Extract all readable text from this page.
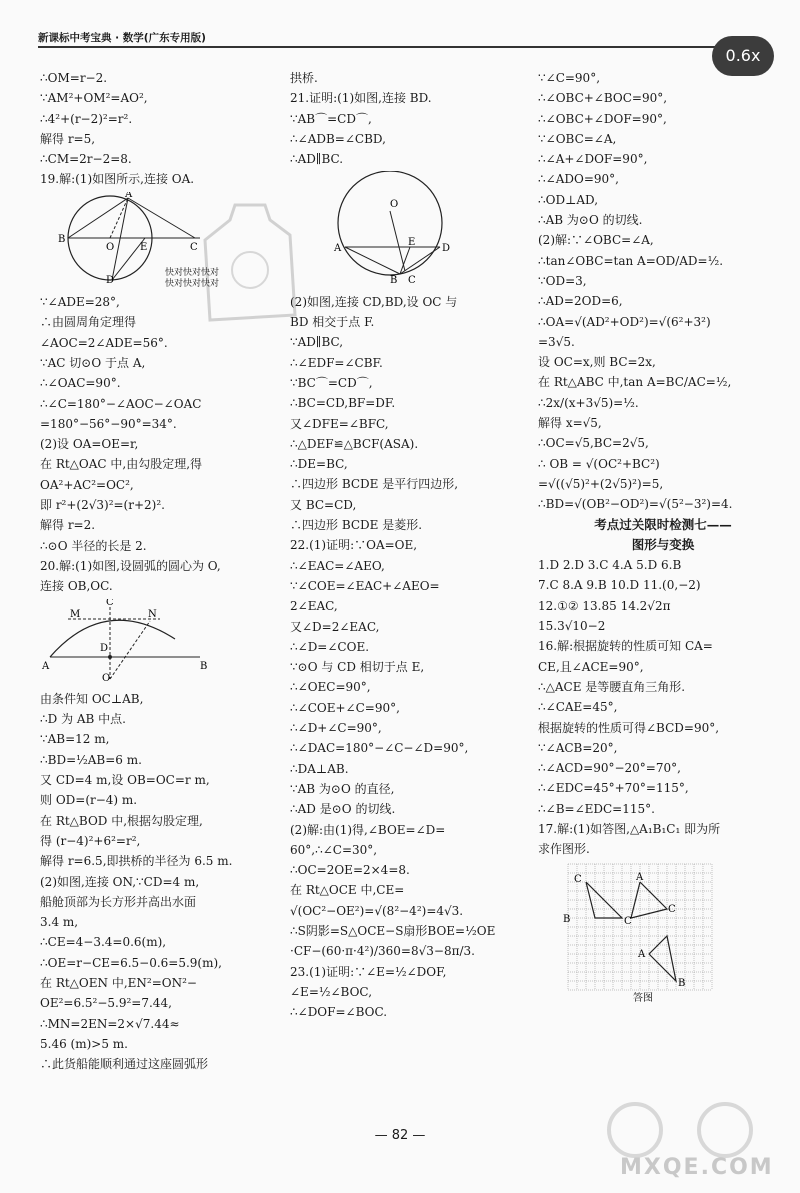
新课标中考宝典 · 数学(广东专用版)
0.6x
∴OM=r−2.
∵AM²+OM²=AO²,
∴4²+(r−2)²=r².
解得 r=5,
∴CM=2r−2=8.
19.解:(1)如图所示,连接 OA.
B
A
O	E	C
D
∵∠ADE=28°,
∴由圆周角定理得
∠AOC=2∠ADE=56°.
∵AC 切⊙O 于点 A,
∴∠OAC=90°.
∴∠C=180°−∠AOC−∠OAC
=180°−56°−90°=34°.
(2)设 OA=OE=r,
在 Rt△OAC 中,由勾股定理,得
OA²+AC²=OC²,
即 r²+(2√3)²=(r+2)².
解得 r=2.
∴⊙O 半径的长是 2.
20.解:(1)如图,设圆弧的圆心为 O,
连接 OB,OC.
A	B
M
C
N
D
O
由条件知 OC⊥AB,
∴D 为 AB 中点.
∵AB=12 m,
∴BD=½AB=6 m.
又 CD=4 m,设 OB=OC=r m,
则 OD=(r−4) m.
在 Rt△BOD 中,根据勾股定理,
得 (r−4)²+6²=r²,
解得 r=6.5,即拱桥的半径为 6.5 m.
(2)如图,连接 ON,∵CD=4 m,
船舱顶部为长方形并高出水面
3.4 m,
∴CE=4−3.4=0.6(m),
∴OE=r−CE=6.5−0.6=5.9(m),
在 Rt△OEN 中,EN²=ON²−
OE²=6.5²−5.9²=7.44,
∴MN=2EN=2×√7.44≈
5.46 (m)>5 m.
∴此货船能顺利通过这座圆弧形
拱桥.
21.证明:(1)如图,连接 BD.
∵AB⌒=CD⌒,
∴∠ADB=∠CBD,
∴AD∥BC.
O
A
E
D
B C
(2)如图,连接 CD,BD,设 OC 与
BD 相交于点 F.
∵AD∥BC,
∴∠EDF=∠CBF.
∵BC⌒=CD⌒,
∴BC=CD,BF=DF.
又∠DFE=∠BFC,
∴△DEF≌△BCF(ASA).
∴DE=BC,
∴四边形 BCDE 是平行四边形,
又 BC=CD,
∴四边形 BCDE 是菱形.
22.(1)证明:∵OA=OE,
∴∠EAC=∠AEO,
∵∠COE=∠EAC+∠AEO=
2∠EAC,
又∠D=2∠EAC,
∴∠D=∠COE.
∵⊙O 与 CD 相切于点 E,
∴∠OEC=90°,
∴∠COE+∠C=90°,
∴∠D+∠C=90°,
∴∠DAC=180°−∠C−∠D=90°,
∴DA⊥AB.
∵AB 为⊙O 的直径,
∴AD 是⊙O 的切线.
(2)解:由(1)得,∠BOE=∠D=
60°,∴∠C=30°,
∴OC=2OE=2×4=8.
在 Rt△OCE 中,CE=
√(OC²−OE²)=√(8²−4²)=4√3.
∴S阴影=S△OCE−S扇形BOE=½OE
·CF−(60·π·4²)/360=8√3−8π/3.
23.(1)证明:∵∠E=½∠DOF,
∠E=½∠BOC,
∴∠DOF=∠BOC.
∵∠C=90°,
∴∠OBC+∠BOC=90°,
∴∠OBC+∠DOF=90°,
∵∠OBC=∠A,
∴∠A+∠DOF=90°,
∴∠ADO=90°,
∴OD⊥AD,
∴AB 为⊙O 的切线.
(2)解:∵∠OBC=∠A,
∴tan∠OBC=tan A=OD/AD=½.
∵OD=3,
∴AD=2OD=6,
∴OA=√(AD²+OD²)=√(6²+3²)
=3√5.
设 OC=x,则 BC=2x,
在 Rt△ABC 中,tan A=BC/AC=½,
∴2x/(x+3√5)=½.
解得 x=√5,
∴OC=√5,BC=2√5,
∴ OB = √(OC²+BC²)
=√((√5)²+(2√5)²)=5,
∴BD=√(OB²−OD²)=√(5²−3²)=4.
考点过关限时检测七——
图形与变换
1.D 2.D 3.C 4.A 5.D 6.B
7.C 8.A 9.B 10.D 11.(0,−2)
12.①② 13.85 14.2√2π
15.3√10−2
16.解:根据旋转的性质可知 CA=
CE,且∠ACE=90°,
∴△ACE 是等腰直角三角形.
∴∠CAE=45°,
根据旋转的性质可得∠BCD=90°,
∵∠ACB=20°,
∴∠ACD=90°−20°=70°,
∴∠EDC=45°+70°=115°,
∴∠B=∠EDC=115°.
17.解:(1)如答图,△A₁B₁C₁ 即为所
求作图形.
C
B	C
A
C
A
B
答图
快对快对快对
快对快对快对
— 82 —
MXQE.COM
